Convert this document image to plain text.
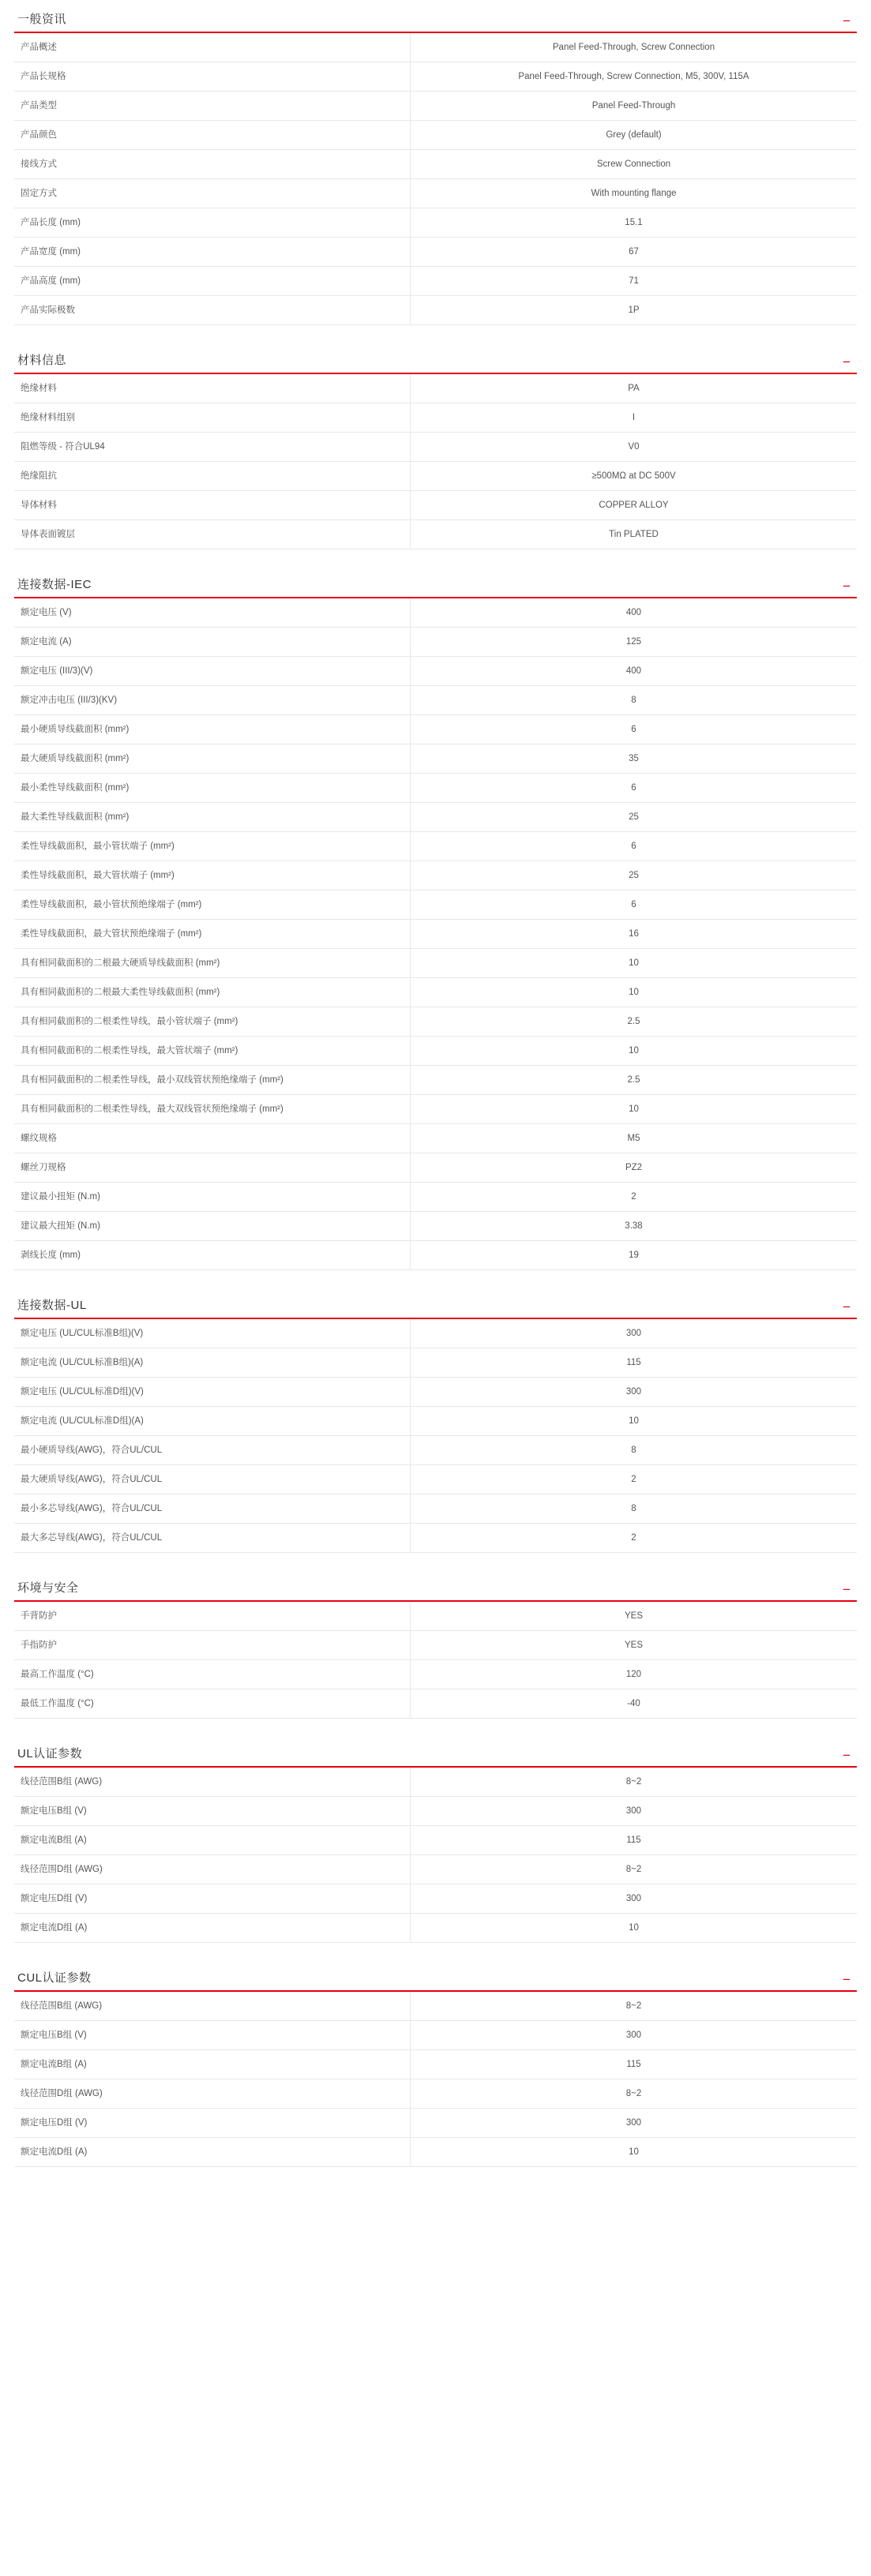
一般资讯	−
产品概述	Panel Feed-Through, Screw Connection
产品长规格	Panel Feed-Through, Screw Connection, M5, 300V, 115A
产品类型	Panel Feed-Through
产品颜色	Grey (default)
接线方式	Screw Connection
固定方式	With mounting flange
产品长度 (mm)	15.1
产品宽度 (mm)	67
产品高度 (mm)	71
产品实际极数	1P
材料信息	−
绝缘材料	PA
绝缘材料组别	I
阻燃等级 - 符合UL94	V0
绝缘阻抗	≥500MΩ at DC 500V
导体材料	COPPER ALLOY
导体表面镀层	Tin PLATED
连接数据-IEC	−
额定电压 (V)	400
额定电流 (A)	125
额定电压 (III/3)(V)	400
额定冲击电压 (III/3)(KV)	8
最小硬质导线截面积 (mm²)	6
最大硬质导线截面积 (mm²)	35
最小柔性导线截面积 (mm²)	6
最大柔性导线截面积 (mm²)	25
柔性导线截面积，最小管状端子 (mm²)	6
柔性导线截面积，最大管状端子 (mm²)	25
柔性导线截面积，最小管状预绝缘端子 (mm²)	6
柔性导线截面积，最大管状预绝缘端子 (mm²)	16
具有相同截面积的二根最大硬质导线截面积 (mm²)	10
具有相同截面积的二根最大柔性导线截面积 (mm²)	10
具有相同截面积的二根柔性导线，最小管状端子 (mm²)	2.5
具有相同截面积的二根柔性导线，最大管状端子 (mm²)	10
具有相同截面积的二根柔性导线，最小双线管状预绝缘端子 (mm²)	2.5
具有相同截面积的二根柔性导线，最大双线管状预绝缘端子 (mm²)	10
螺纹规格	M5
螺丝刀规格	PZ2
建议最小扭矩 (N.m)	2
建议最大扭矩 (N.m)	3.38
剥线长度 (mm)	19
连接数据-UL	−
额定电压 (UL/CUL标准B组)(V)	300
额定电流 (UL/CUL标准B组)(A)	115
额定电压 (UL/CUL标准D组)(V)	300
额定电流 (UL/CUL标准D组)(A)	10
最小硬质导线(AWG)，符合UL/CUL	8
最大硬质导线(AWG)，符合UL/CUL	2
最小多芯导线(AWG)，符合UL/CUL	8
最大多芯导线(AWG)，符合UL/CUL	2
环境与安全	−
手背防护	YES
手指防护	YES
最高工作温度 (°C)	120
最低工作温度 (°C)	-40
UL认证参数	−
线径范围B组 (AWG)	8~2
额定电压B组 (V)	300
额定电流B组 (A)	115
线径范围D组 (AWG)	8~2
额定电压D组 (V)	300
额定电流D组 (A)	10
CUL认证参数	−
线径范围B组 (AWG)	8~2
额定电压B组 (V)	300
额定电流B组 (A)	115
线径范围D组 (AWG)	8~2
额定电压D组 (V)	300
额定电流D组 (A)	10
